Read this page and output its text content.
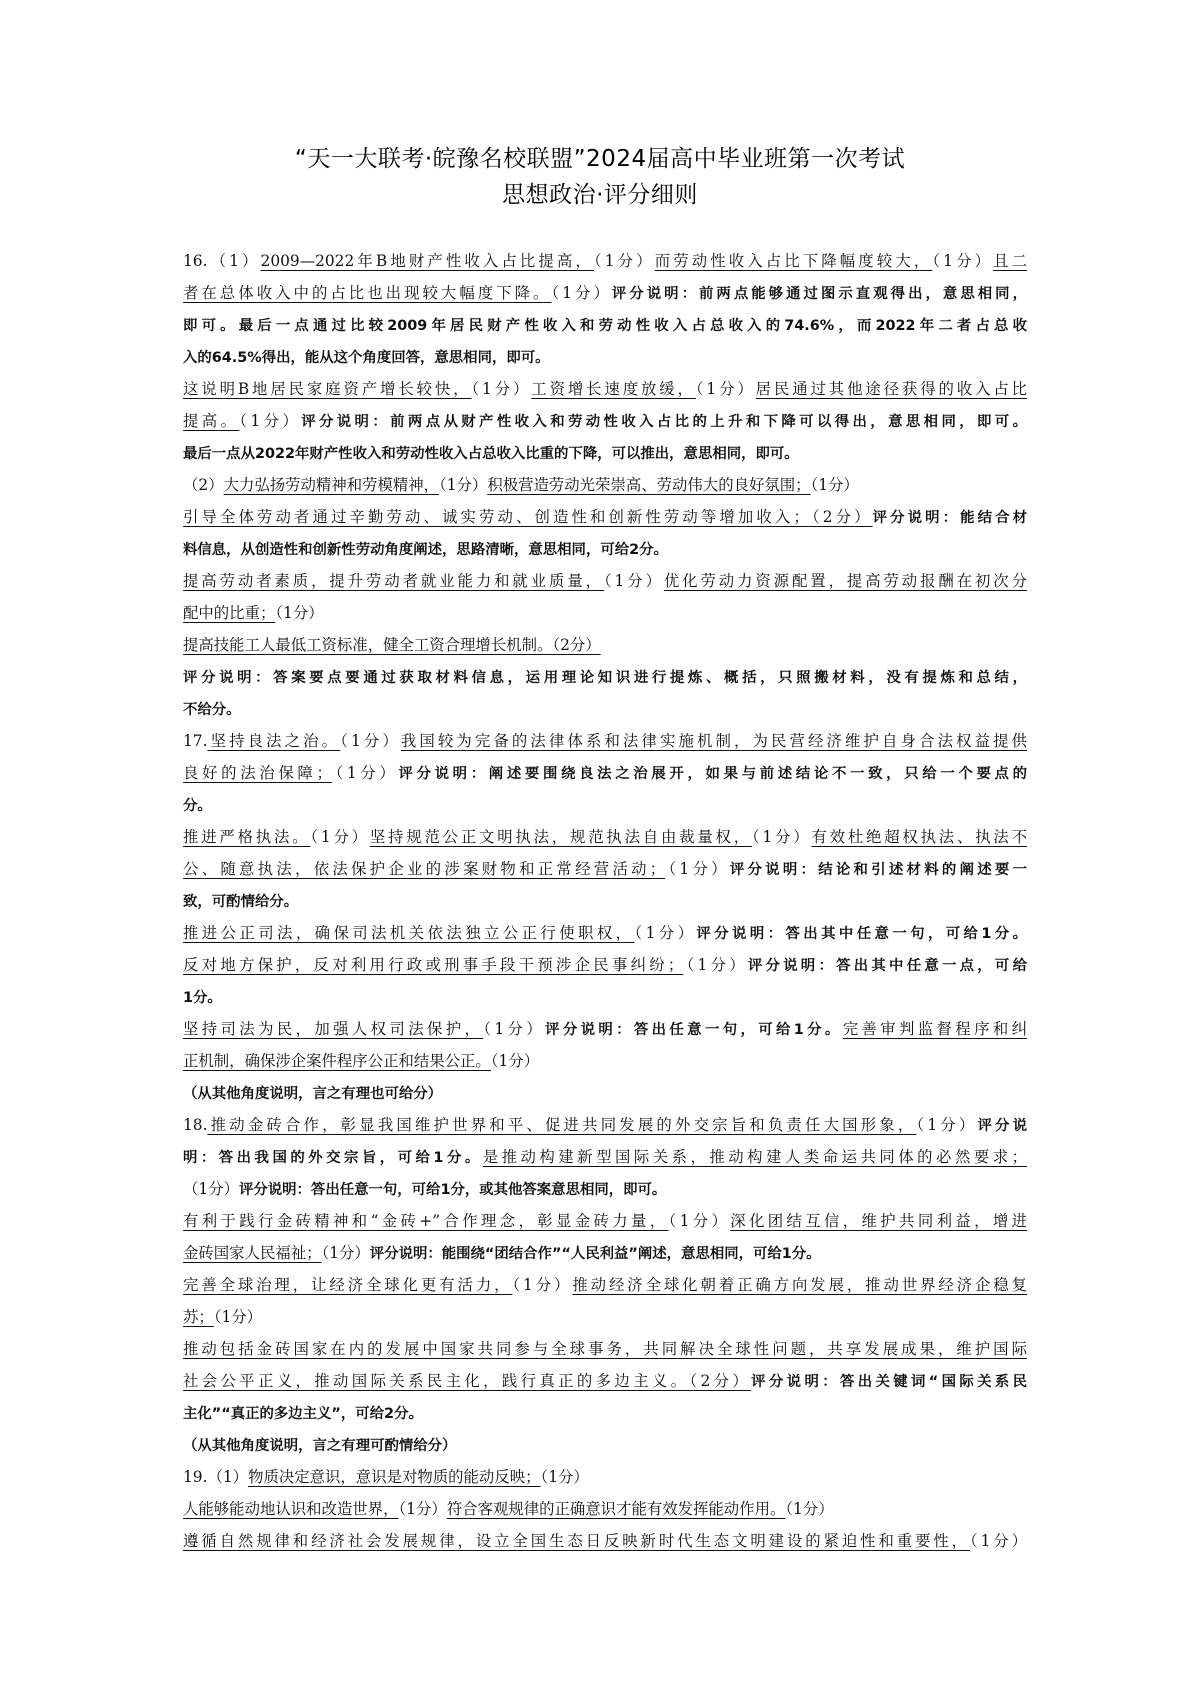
“天一大联考·皖豫名校联盟”2024届高中毕业班第一次考试
思想政治·评分细则
16.（1）2009—2022年B地财产性收入占比提高，（1分）而劳动性收入占比下降幅度较大，（1分）且二
者在总体收入中的占比也出现较大幅度下降。（1分）评分说明：前两点能够通过图示直观得出，意思相同，
即可。最后一点通过比较2009年居民财产性收入和劳动性收入占总收入的74.6%，而2022年二者占总收
入的64.5%得出，能从这个角度回答，意思相同，即可。
这说明B地居民家庭资产增长较快，（1分）工资增长速度放缓，（1分）居民通过其他途径获得的收入占比
提高。（1分）评分说明：前两点从财产性收入和劳动性收入占比的上升和下降可以得出，意思相同，即可。
最后一点从2022年财产性收入和劳动性收入占总收入比重的下降，可以推出，意思相同，即可。
（2）大力弘扬劳动精神和劳模精神，（1分）积极营造劳动光荣崇高、劳动伟大的良好氛围；（1分）
引导全体劳动者通过辛勤劳动、诚实劳动、创造性和创新性劳动等增加收入；（2分）评分说明：能结合材
料信息，从创造性和创新性劳动角度阐述，思路清晰，意思相同，可给2分。
提高劳动者素质，提升劳动者就业能力和就业质量，（1分）优化劳动力资源配置，提高劳动报酬在初次分
配中的比重；（1分）
提高技能工人最低工资标准，健全工资合理增长机制。（2分）
评分说明：答案要点要通过获取材料信息，运用理论知识进行提炼、概括，只照搬材料，没有提炼和总结，
不给分。
17.坚持良法之治。（1分）我国较为完备的法律体系和法律实施机制，为民营经济维护自身合法权益提供
良好的法治保障；（1分）评分说明：阐述要围绕良法之治展开，如果与前述结论不一致，只给一个要点的
分。
推进严格执法。（1分）坚持规范公正文明执法，规范执法自由裁量权，（1分）有效杜绝超权执法、执法不
公、随意执法，依法保护企业的涉案财物和正常经营活动；（1分）评分说明：结论和引述材料的阐述要一
致，可酌情给分。
推进公正司法，确保司法机关依法独立公正行使职权，（1分）评分说明：答出其中任意一句，可给1分。
反对地方保护，反对利用行政或刑事手段干预涉企民事纠纷；（1分）评分说明：答出其中任意一点，可给
1分。
坚持司法为民，加强人权司法保护，（1分）评分说明：答出任意一句，可给1分。完善审判监督程序和纠
正机制，确保涉企案件程序公正和结果公正。（1分）
（从其他角度说明，言之有理也可给分）
18.推动金砖合作，彰显我国维护世界和平、促进共同发展的外交宗旨和负责任大国形象，（1分）评分说
明：答出我国的外交宗旨，可给1分。是推动构建新型国际关系，推动构建人类命运共同体的必然要求；
（1分）评分说明：答出任意一句，可给1分，或其他答案意思相同，即可。
有利于践行金砖精神和“金砖+”合作理念，彰显金砖力量，（1分）深化团结互信，维护共同利益，增进
金砖国家人民福祉；（1分）评分说明：能围绕“团结合作”“人民利益”阐述，意思相同，可给1分。
完善全球治理，让经济全球化更有活力，（1分）推动经济全球化朝着正确方向发展，推动世界经济企稳复
苏；（1分）
推动包括金砖国家在内的发展中国家共同参与全球事务，共同解决全球性问题，共享发展成果，维护国际
社会公平正义，推动国际关系民主化，践行真正的多边主义。（2分）评分说明：答出关键词“国际关系民
主化”“真正的多边主义”，可给2分。
（从其他角度说明，言之有理可酌情给分）
19.（1）物质决定意识，意识是对物质的能动反映；（1分）
人能够能动地认识和改造世界，（1分）符合客观规律的正确意识才能有效发挥能动作用。（1分）
遵循自然规律和经济社会发展规律，设立全国生态日反映新时代生态文明建设的紧迫性和重要性，（1分）
